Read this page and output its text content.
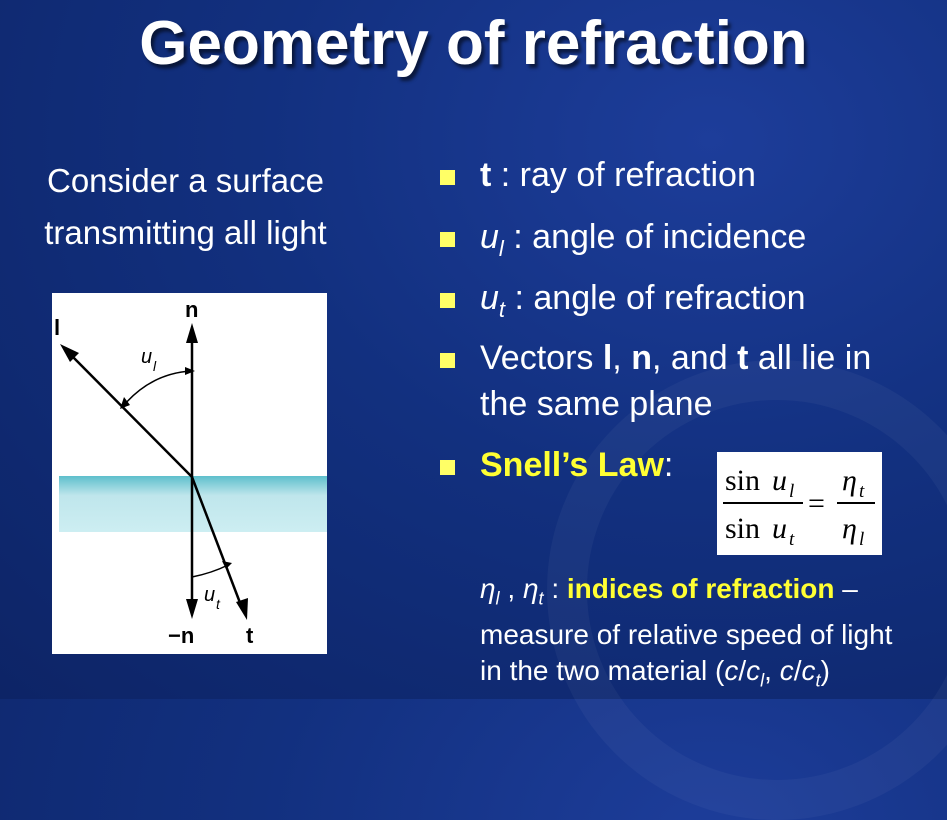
Geometry of refraction
Consider a surface
transmitting all light
l
n
−n t
u l
u t
t : ray of refraction
$u_l$ : angle of incidence
$u_t$ : angle of refraction
Vectors l, n, and t all lie in
the same plane
Snell’s Law: sin u l
sin u t
=
η t
η l
$\eta_l$ , $\eta_t$ : indices of refraction –
measure of relative speed of light
in the two material ($c/c_l$, $c/c_t$)
